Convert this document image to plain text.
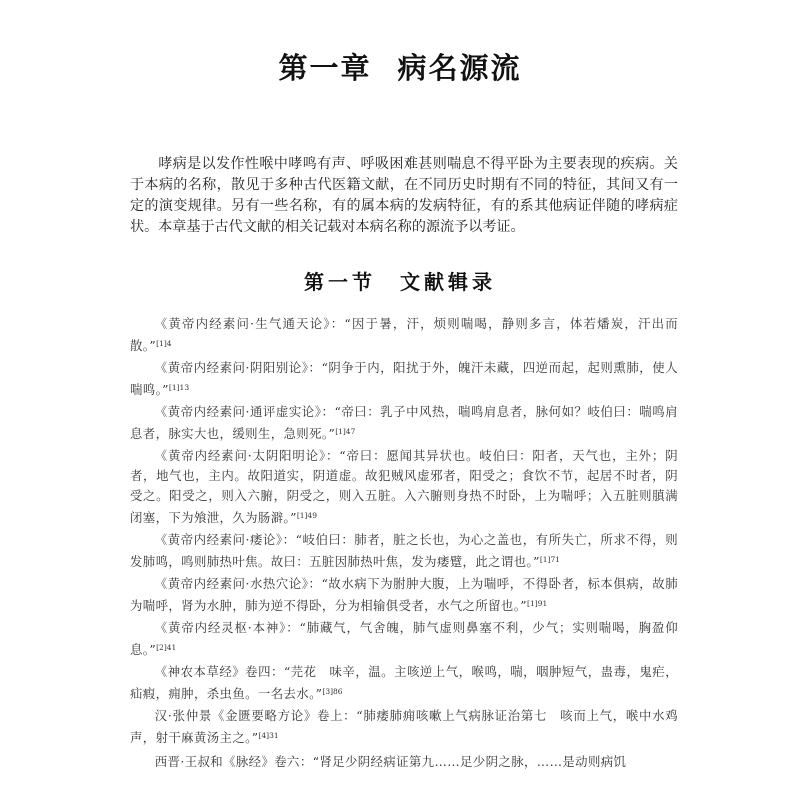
第一章 病名源流

哮病是以发作性喉中哮鸣有声、呼吸困难甚则喘息不得平卧为主要表现的疾病。关于本病的名称，散见于多种古代医籍文献，在不同历史时期有不同的特征，其间又有一定的演变规律。另有一些名称，有的属本病的发病特征，有的系其他病证伴随的哮病症状。本章基于古代文献的相关记载对本病名称的源流予以考证。

第一节 文献辑录

《黄帝内经素问·生气通天论》：“因于暑，汗，烦则喘喝，静则多言，体若燔炭，汗出而散。”$^{[1]4}$

《黄帝内经素问·阴阳别论》：“阴争于内，阳扰于外，魄汗未藏，四逆而起，起则熏肺，使人喘鸣。”$^{[1]13}$

《黄帝内经素问·通评虚实论》：“帝曰：乳子中风热，喘鸣肩息者，脉何如？岐伯曰：喘鸣肩息者，脉实大也，缓则生，急则死。”$^{[1]47}$

《黄帝内经素问·太阴阳明论》：“帝曰：愿闻其异状也。岐伯曰：阳者，天气也，主外；阴者，地气也，主内。故阳道实，阴道虚。故犯贼风虚邪者，阳受之；食饮不节，起居不时者，阴受之。阳受之，则入六腑，阴受之，则入五脏。入六腑则身热不时卧，上为喘呼；入五脏则䐜满闭塞，下为飧泄，久为肠澼。”$^{[1]49}$

《黄帝内经素问·痿论》：“岐伯曰：肺者，脏之长也，为心之盖也，有所失亡，所求不得，则发肺鸣，鸣则肺热叶焦。故曰：五脏因肺热叶焦，发为痿躄，此之谓也。”$^{[1]71}$

《黄帝内经素问·水热穴论》：“故水病下为胕肿大腹，上为喘呼，不得卧者，标本俱病，故肺为喘呼，肾为水肿，肺为逆不得卧，分为相输俱受者，水气之所留也。”$^{[1]91}$

《黄帝内经灵枢·本神》：“肺藏气，气舍魄，肺气虚则鼻塞不利，少气；实则喘喝，胸盈仰息。”$^{[2]41}$

《神农本草经》卷四：“芫花　味辛，温。主咳逆上气，喉鸣，喘，咽肿短气，蛊毒，鬼疟，疝瘕，痈肿，杀虫鱼。一名去水。”$^{[3]86}$

汉·张仲景《金匮要略方论》卷上：“肺痿肺痈咳嗽上气病脉证治第七　咳而上气，喉中水鸡声，射干麻黄汤主之。”$^{[4]31}$

西晋·王叔和《脉经》卷六：“肾足少阴经病证第九……足少阴之脉，……是动则病饥
